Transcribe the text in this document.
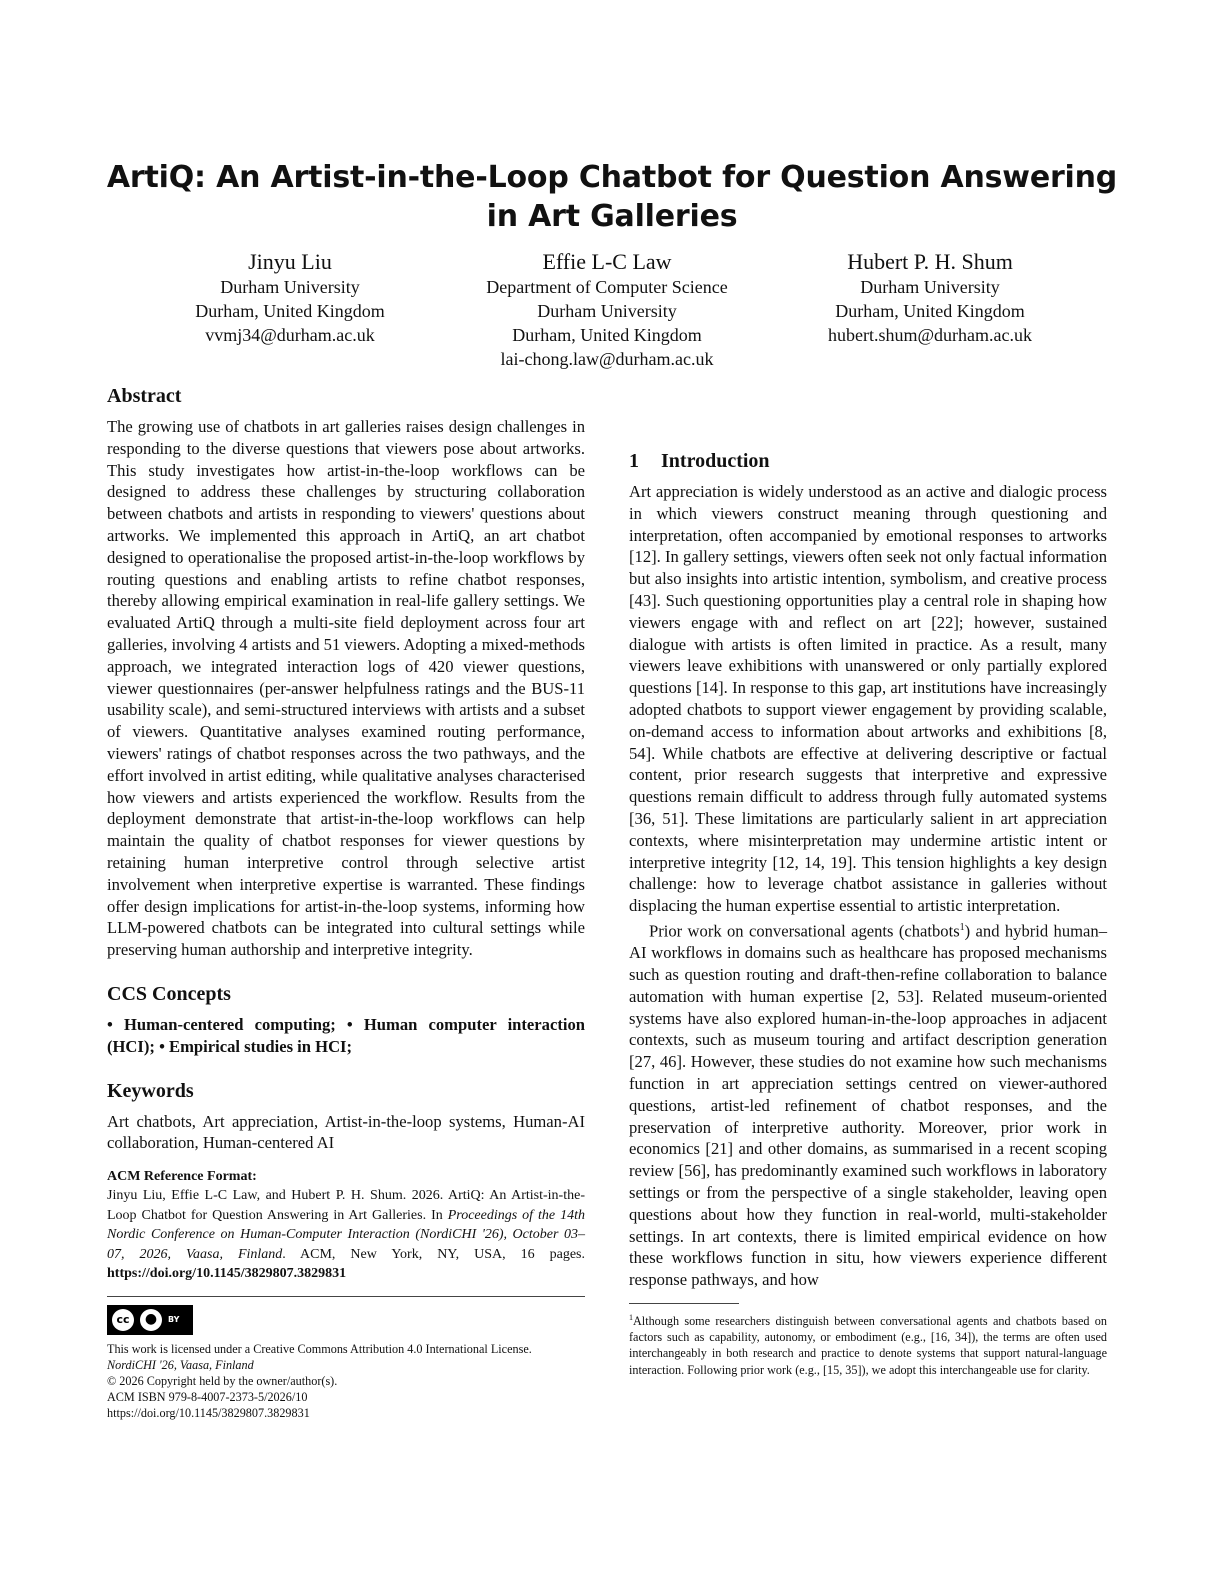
ArtiQ: An Artist-in-the-Loop Chatbot for Question Answering in Art Galleries
Jinyu Liu
Durham University
Durham, United Kingdom
vvmj34@durham.ac.uk
Effie L-C Law
Department of Computer Science
Durham University
Durham, United Kingdom
lai-chong.law@durham.ac.uk
Hubert P. H. Shum
Durham University
Durham, United Kingdom
hubert.shum@durham.ac.uk
Abstract

The growing use of chatbots in art galleries raises design challenges in responding to the diverse questions that viewers pose about artworks. This study investigates how artist-in-the-loop workflows can be designed to address these challenges by structuring collaboration between chatbots and artists in responding to viewers' questions about artworks. We implemented this approach in ArtiQ, an art chatbot designed to operationalise the proposed artist-in-the-loop workflows by routing questions and enabling artists to refine chatbot responses, thereby allowing empirical examination in real-life gallery settings. We evaluated ArtiQ through a multi-site field deployment across four art galleries, involving 4 artists and 51 viewers. Adopting a mixed-methods approach, we integrated interaction logs of 420 viewer questions, viewer questionnaires (per-answer helpfulness ratings and the BUS-11 usability scale), and semi-structured interviews with artists and a subset of viewers. Quantitative analyses examined routing performance, viewers' ratings of chatbot responses across the two pathways, and the effort involved in artist editing, while qualitative analyses characterised how viewers and artists experienced the workflow. Results from the deployment demonstrate that artist-in-the-loop workflows can help maintain the quality of chatbot responses for viewer questions by retaining human interpretive control through selective artist involvement when interpretive expertise is warranted. These findings offer design implications for artist-in-the-loop systems, informing how LLM-powered chatbots can be integrated into cultural settings while preserving human authorship and interpretive integrity.

CCS Concepts

• Human-centered computing; • Human computer interaction (HCI); • Empirical studies in HCI;

Keywords

Art chatbots, Art appreciation, Artist-in-the-loop systems, Human-AI collaboration, Human-centered AI

ACM Reference Format:
Jinyu Liu, Effie L-C Law, and Hubert P. H. Shum. 2026. ArtiQ: An Artist-in-the-Loop Chatbot for Question Answering in Art Galleries. In Proceedings of the 14th Nordic Conference on Human-Computer Interaction (NordiCHI '26), October 03–07, 2026, Vaasa, Finland. ACM, New York, NY, USA, 16 pages. https://doi.org/10.1145/3829807.3829831
cc	●	BY
This work is licensed under a Creative Commons Attribution 4.0 International License.
NordiCHI '26, Vaasa, Finland
© 2026 Copyright held by the owner/author(s).
ACM ISBN 979-8-4007-2373-5/2026/10
https://doi.org/10.1145/3829807.3829831
1 Introduction

Art appreciation is widely understood as an active and dialogic process in which viewers construct meaning through questioning and interpretation, often accompanied by emotional responses to artworks [12]. In gallery settings, viewers often seek not only factual information but also insights into artistic intention, symbolism, and creative process [43]. Such questioning opportunities play a central role in shaping how viewers engage with and reflect on art [22]; however, sustained dialogue with artists is often limited in practice. As a result, many viewers leave exhibitions with unanswered or only partially explored questions [14]. In response to this gap, art institutions have increasingly adopted chatbots to support viewer engagement by providing scalable, on-demand access to information about artworks and exhibitions [8, 54]. While chatbots are effective at delivering descriptive or factual content, prior research suggests that interpretive and expressive questions remain difficult to address through fully automated systems [36, 51]. These limitations are particularly salient in art appreciation contexts, where misinterpretation may undermine artistic intent or interpretive integrity [12, 14, 19]. This tension highlights a key design challenge: how to leverage chatbot assistance in galleries without displacing the human expertise essential to artistic interpretation.

Prior work on conversational agents (chatbots$^1$) and hybrid human–AI workflows in domains such as healthcare has proposed mechanisms such as question routing and draft-then-refine collaboration to balance automation with human expertise [2, 53]. Related museum-oriented systems have also explored human-in-the-loop approaches in adjacent contexts, such as museum touring and artifact description generation [27, 46]. However, these studies do not examine how such mechanisms function in art appreciation settings centred on viewer-authored questions, artist-led refinement of chatbot responses, and the preservation of interpretive authority. Moreover, prior work in economics [21] and other domains, as summarised in a recent scoping review [56], has predominantly examined such workflows in laboratory settings or from the perspective of a single stakeholder, leaving open questions about how they function in real-world, multi-stakeholder settings. In art contexts, there is limited empirical evidence on how these workflows function in situ, how viewers experience different response pathways, and how

$^1$Although some researchers distinguish between conversational agents and chatbots based on factors such as capability, autonomy, or embodiment (e.g., [16, 34]), the terms are often used interchangeably in both research and practice to denote systems that support natural-language interaction. Following prior work (e.g., [15, 35]), we adopt this interchangeable use for clarity.
